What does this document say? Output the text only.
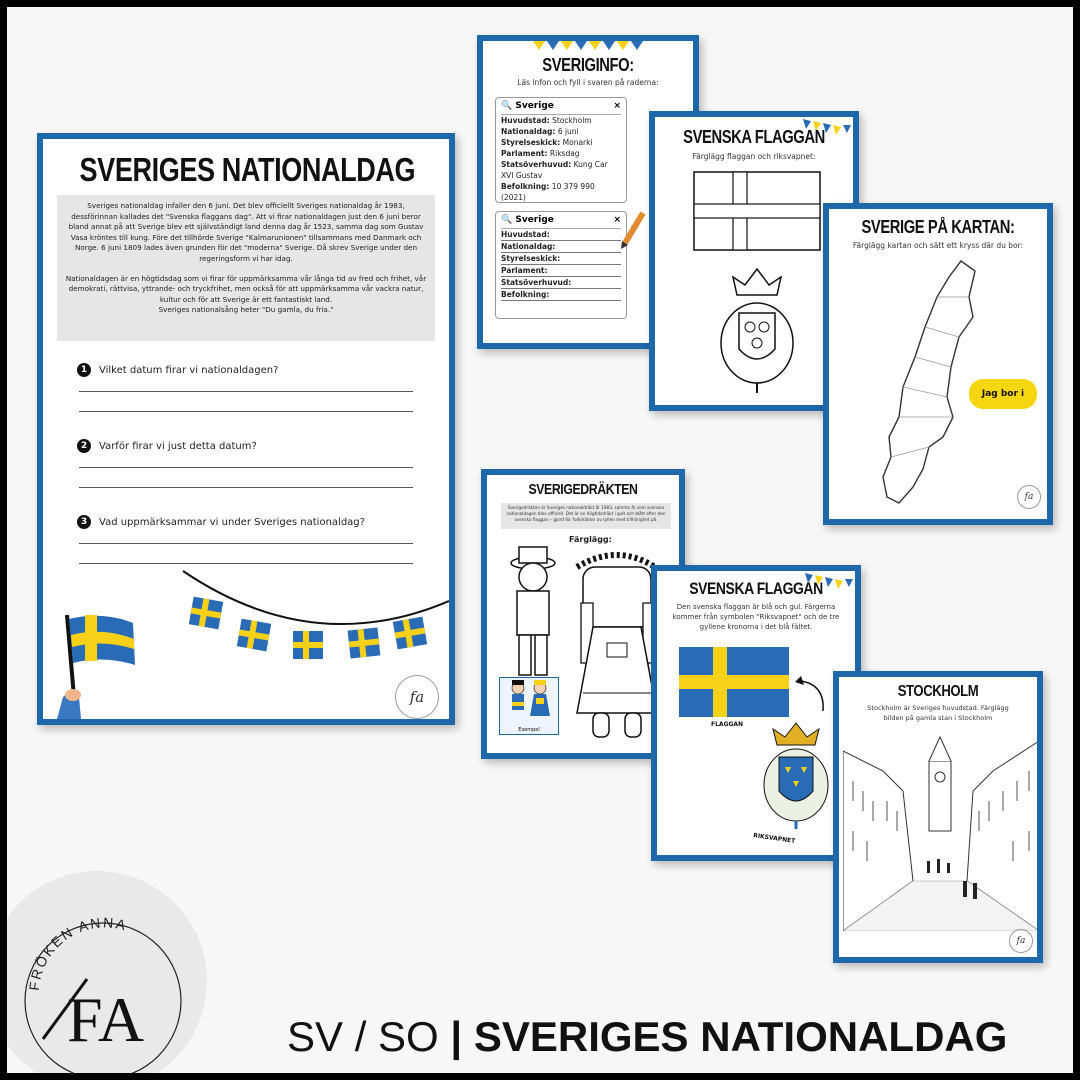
SVERIGES NATIONALDAG
Sveriges nationaldag infaller den 6 juni. Det blev officiellt Sveriges nationaldag år 1983, dessförinnan kallades det "Svenska flaggans dag". Att vi firar nationaldagen just den 6 juni beror bland annat på att Sverige blev ett självständigt land denna dag år 1523, samma dag som Gustav Vasa kröntes till kung. Före det tillhörde Sverige "Kalmarunionen" tillsammans med Danmark och Norge. 6 juni 1809 lades även grunden för det "moderna" Sverige. Då skrev Sverige under den regeringsform vi har idag.
Nationaldagen är en högtidsdag som vi firar för uppmärksamma vår långa tid av fred och frihet, vår demokrati, rättvisa, yttrande- och tryckfrihet, men också för att uppmärksamma vår vackra natur, kultur och för att Sverige är ett fantastiskt land.
Sveriges nationalsång heter "Du gamla, du fria."
1 Vilket datum firar vi nationaldagen?
2 Varför firar vi just detta datum?
3 Vad uppmärksammar vi under Sveriges nationaldag?
fa
SVERIGINFO:
Läs infon och fyll i svaren på raderna:
🔍 Sverige	×
Huvudstad: Stockholm
Nationaldag: 6 juni
Styrelseskick: Monarki
Parlament: Riksdag
Statsöverhuvud: Kung Car XVI Gustav
Befolkning: 10 379 990 (2021)
🔍 Sverige	×
Huvudstad:
Nationaldag:
Styrelseskick:
Parlament:
Statsöverhuvud:
Befolkning:
SVENSKA FLAGGAN
Färglägg flaggan och riksvapnet:
SVERIGE PÅ KARTAN:
Färglägg kartan och sätt ett kryss där du bor:
Jag bor i
fa
SVERIGEDRÄKTEN
Sverigedräkten är Sveriges nationaldräkt år 1983, samma år som svenska nationaldagen blev officiell. Det är en högtidsdräkt i gult och blått efter den svenska flaggan – gjord för folkdräkter av tyllen med tillhörighet på.
Färglägg:
Exempel
SVENSKA FLAGGAN
Den svenska flaggan är blå och gul. Färgerna kommer från symbolen "Riksvapnet" och de tre gyllene kronorna i det blå fältet.
FLAGGAN
RIKSVAPNET
STOCKHOLM
Stockholm är Sveriges huvudstad. Färglägg bilden på gamla stan i Stockholm
fa
FRÖKEN ANNA
FA	SV / SO | SVERIGES NATIONALDAG
